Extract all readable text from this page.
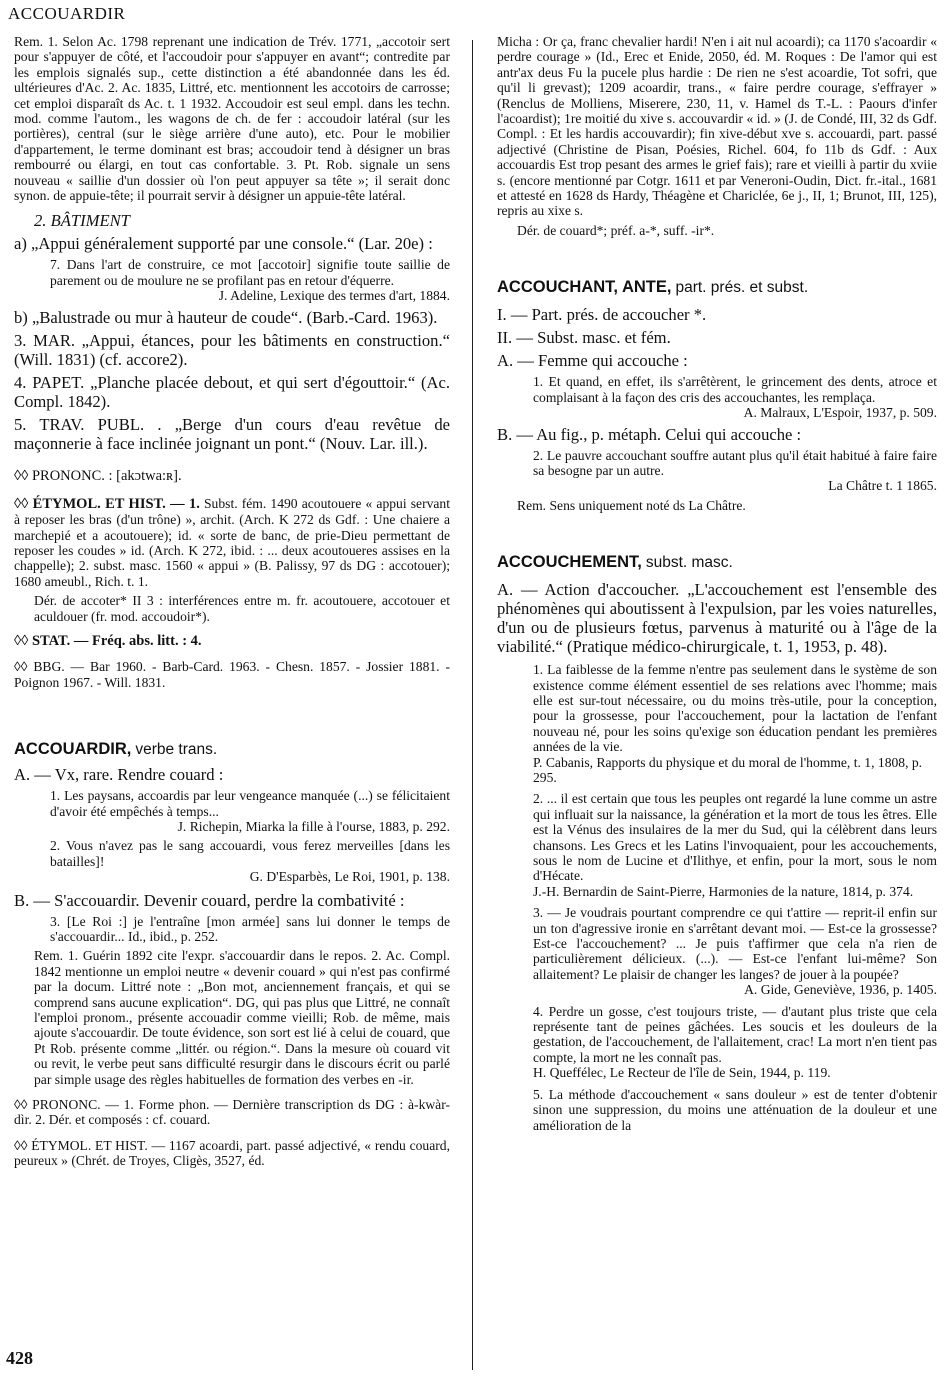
ACCOUARDIR

Rem. 1. Selon Ac. 1798 reprenant une indication de Trév. 1771, „accotoir sert pour s'appuyer de côté, et l'accoudoir pour s'appuyer en avant“; contredite par les emplois signalés sup., cette distinction a été abandonnée dans les éd. ultérieures d'Ac. 2. Ac. 1835, Littré, etc. mentionnent les accotoirs de carrosse; cet emploi disparaît ds Ac. t. 1 1932. Accoudoir est seul empl. dans les techn. mod. comme l'autom., les wagons de ch. de fer : accoudoir latéral (sur les portières), central (sur le siège arrière d'une auto), etc. Pour le mobilier d'appartement, le terme dominant est bras; accoudoir tend à désigner un bras rembourré ou élargi, en tout cas confortable. 3. Pt. Rob. signale un sens nouveau « saillie d'un dossier où l'on peut appuyer sa tête »; il serait donc synon. de appuie-tête; il pourrait servir à désigner un appuie-tête latéral.

2. BÂTIMENT

a) „Appui généralement supporté par une console.“ (Lar. 20e) :

7. Dans l'art de construire, ce mot [accotoir] signifie toute saillie de parement ou de moulure ne se profilant pas en retour d'équerre.

J. Adeline, Lexique des termes d'art, 1884.

b) „Balustrade ou mur à hauteur de coude“. (Barb.-Card. 1963).

3. MAR. „Appui, étances, pour les bâtiments en construction.“ (Will. 1831) (cf. accore2).

4. PAPET. „Planche placée debout, et qui sert d'égouttoir.“ (Ac. Compl. 1842).

5. TRAV. PUBL. . „Berge d'un cours d'eau revêtue de maçonnerie à face inclinée joignant un pont.“ (Nouv. Lar. ill.).

◊◊ PRONONC. : [akɔtwa:ʀ].

◊◊ ÉTYMOL. ET HIST. — 1. Subst. fém. 1490 acoutouere « appui servant à reposer les bras (d'un trône) », archit. (Arch. K 272 ds Gdf. : Une chaiere a marchepié et a acoutouere); id. « sorte de banc, de prie-Dieu permettant de reposer les coudes » id. (Arch. K 272, ibid. : ... deux acoutoueres assises en la chappelle); 2. subst. masc. 1560 « appui » (B. Palissy, 97 ds DG : accotouer); 1680 ameubl., Rich. t. 1.

Dér. de accoter* II 3 : interférences entre m. fr. acoutouere, accotouer et aculdouer (fr. mod. accoudoir*).

◊◊ STAT. — Fréq. abs. litt. : 4.

◊◊ BBG. — Bar 1960. - Barb-Card. 1963. - Chesn. 1857. - Jossier 1881. - Poignon 1967. - Will. 1831.

ACCOUARDIR, verbe trans.

A. — Vx, rare. Rendre couard :

1. Les paysans, accoardis par leur vengeance manquée (...) se félicitaient d'avoir été empêchés à temps...

J. Richepin, Miarka la fille à l'ourse, 1883, p. 292.

2. Vous n'avez pas le sang accouardi, vous ferez merveilles [dans les batailles]!

G. D'Esparbès, Le Roi, 1901, p. 138.

B. — S'accouardir. Devenir couard, perdre la combativité :

3. [Le Roi :] je l'entraîne [mon armée] sans lui donner le temps de s'accouardir... Id., ibid., p. 252.

Rem. 1. Guérin 1892 cite l'expr. s'accouardir dans le repos. 2. Ac. Compl. 1842 mentionne un emploi neutre « devenir couard » qui n'est pas confirmé par la docum. Littré note : „Bon mot, anciennement français, et qui se comprend sans aucune explication“. DG, qui pas plus que Littré, ne connaît l'emploi pronom., présente accouadir comme vieilli; Rob. de même, mais ajoute s'accouardir. De toute évidence, son sort est lié à celui de couard, que Pt Rob. présente comme „littér. ou région.“. Dans la mesure où couard vit ou revit, le verbe peut sans difficulté resurgir dans le discours écrit ou parlé par simple usage des règles habituelles de formation des verbes en -ir.

◊◊ PRONONC. — 1. Forme phon. — Dernière transcription ds DG : à-kwàr-dìr. 2. Dér. et composés : cf. couard.

◊◊ ÉTYMOL. ET HIST. — 1167 acoardi, part. passé adjectivé, « rendu couard, peureux » (Chrét. de Troyes, Cligès, 3527, éd.

Micha : Or ça, franc chevalier hardi! N'en i ait nul acoardi); ca 1170 s'acoardir « perdre courage » (Id., Erec et Enide, 2050, éd. M. Roques : De l'amor qui est antr'ax deus Fu la pucele plus hardie : De rien ne s'est acoardie, Tot sofri, que qu'il li grevast); 1209 acoardir, trans., « faire perdre courage, s'effrayer » (Renclus de Molliens, Miserere, 230, 11, v. Hamel ds T.-L. : Paours d'infer l'acoardist); 1re moitié du xive s. accouvardir « id. » (J. de Condé, III, 32 ds Gdf. Compl. : Et les hardis accouvardir); fin xive-début xve s. accouardi, part. passé adjectivé (Christine de Pisan, Poésies, Richel. 604, fo 11b ds Gdf. : Aux accouardis Est trop pesant des armes le grief fais); rare et vieilli à partir du xviie s. (encore mentionné par Cotgr. 1611 et par Veneroni-Oudin, Dict. fr.-ital., 1681 et attesté en 1628 ds Hardy, Théagène et Chariclée, 6e j., II, 1; Brunot, III, 125), repris au xixe s.

Dér. de couard*; préf. a-*, suff. -ir*.

ACCOUCHANT, ANTE, part. prés. et subst.

I. — Part. prés. de accoucher *.

II. — Subst. masc. et fém.

A. — Femme qui accouche :

1. Et quand, en effet, ils s'arrêtèrent, le grincement des dents, atroce et complaisant à la façon des cris des accouchantes, les remplaça.

A. Malraux, L'Espoir, 1937, p. 509.

B. — Au fig., p. métaph. Celui qui accouche :

2. Le pauvre accouchant souffre autant plus qu'il était habitué à faire faire sa besogne par un autre.

La Châtre t. 1 1865.

Rem. Sens uniquement noté ds La Châtre.

ACCOUCHEMENT, subst. masc.

A. — Action d'accoucher. „L'accouchement est l'ensemble des phénomènes qui aboutissent à l'expulsion, par les voies naturelles, d'un ou de plusieurs fœtus, parvenus à maturité ou à l'âge de la viabilité.“ (Pratique médico-chirurgicale, t. 1, 1953, p. 48).

1. La faiblesse de la femme n'entre pas seulement dans le système de son existence comme élément essentiel de ses relations avec l'homme; mais elle est sur-tout nécessaire, ou du moins très-utile, pour la conception, pour la grossesse, pour l'accouchement, pour la lactation de l'enfant nouveau né, pour les soins qu'exige son éducation pendant les premières années de la vie.

P. Cabanis, Rapports du physique et du moral de l'homme, t. 1, 1808, p. 295.

2. ... il est certain que tous les peuples ont regardé la lune comme un astre qui influait sur la naissance, la génération et la mort de tous les êtres. Elle est la Vénus des insulaires de la mer du Sud, qui la célèbrent dans leurs chansons. Les Grecs et les Latins l'invoquaient, pour les accouchements, sous le nom de Lucine et d'Ilithye, et enfin, pour la mort, sous le nom d'Hécate.

J.-H. Bernardin de Saint-Pierre, Harmonies de la nature, 1814, p. 374.

3. — Je voudrais pourtant comprendre ce qui t'attire — reprit-il enfin sur un ton d'agressive ironie en s'arrêtant devant moi. — Est-ce la grossesse? Est-ce l'accouchement? ... Je puis t'affirmer que cela n'a rien de particulièrement délicieux. (...). — Est-ce l'enfant lui-même? Son allaitement? Le plaisir de changer les langes? de jouer à la poupée?

A. Gide, Geneviève, 1936, p. 1405.

4. Perdre un gosse, c'est toujours triste, — d'autant plus triste que cela représente tant de peines gâchées. Les soucis et les douleurs de la gestation, de l'accouchement, de l'allaitement, crac! La mort n'en tient pas compte, la mort ne les connaît pas.

H. Queffélec, Le Recteur de l'île de Sein, 1944, p. 119.

5. La méthode d'accouchement « sans douleur » est de tenter d'obtenir sinon une suppression, du moins une atténuation de la douleur et une amélioration de la

428
